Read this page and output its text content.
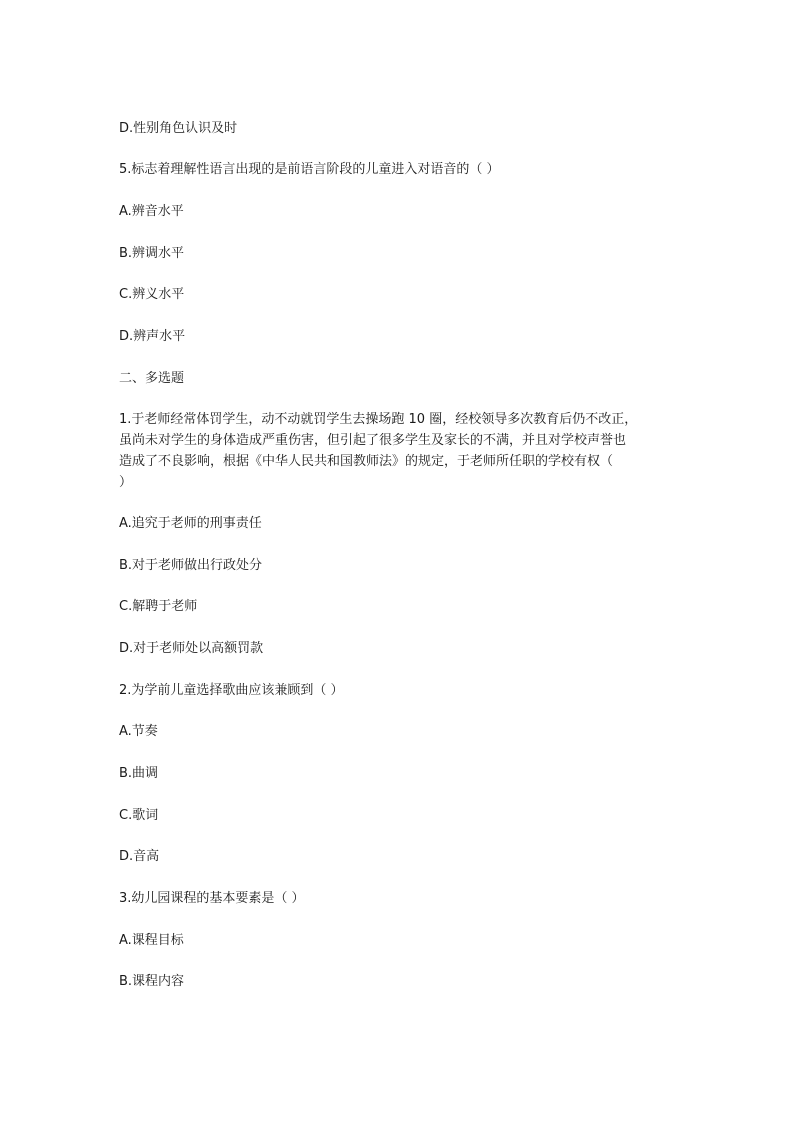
D.性别角色认识及时
5.标志着理解性语言出现的是前语言阶段的儿童进入对语音的（ ）
A.辨音水平
B.辨调水平
C.辨义水平
D.辨声水平
二、多选题
1.于老师经常体罚学生，动不动就罚学生去操场跑 10 圈，经校领导多次教育后仍不改正，
虽尚未对学生的身体造成严重伤害，但引起了很多学生及家长的不满，并且对学校声誉也
造成了不良影响，根据《中华人民共和国教师法》的规定，于老师所任职的学校有权（
）
A.追究于老师的刑事责任
B.对于老师做出行政处分
C.解聘于老师
D.对于老师处以高额罚款
2.为学前儿童选择歌曲应该兼顾到（ ）
A.节奏
B.曲调
C.歌词
D.音高
3.幼儿园课程的基本要素是（ ）
A.课程目标
B.课程内容
